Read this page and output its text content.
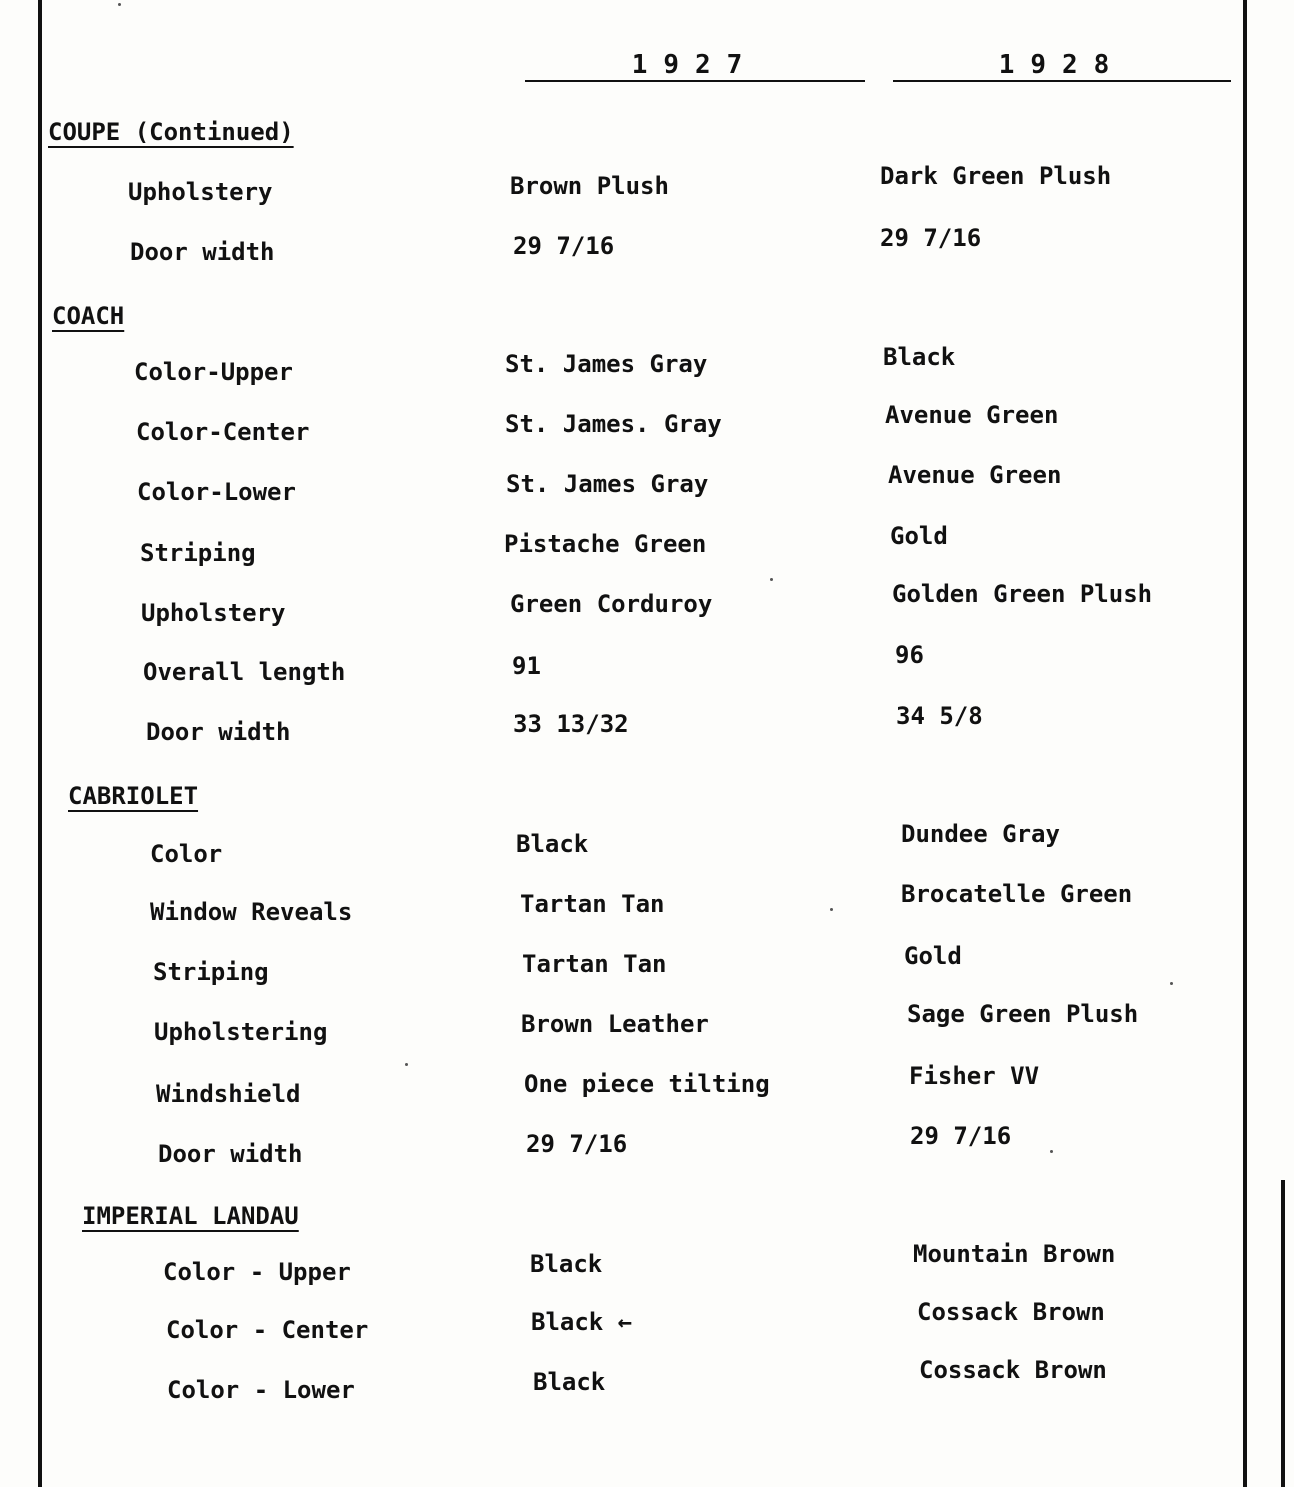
1927	1928
COUPE (Continued)
Upholstery	Brown Plush	Dark Green Plush
Door width	29 7/16	29 7/16
COACH
Color-Upper	St. James Gray	Black
Color-Center	St. James. Gray	Avenue Green
Color-Lower	St. James Gray	Avenue Green
Striping	Pistache Green	Gold
Upholstery	Green Corduroy	Golden Green Plush
Overall length	91	96
Door width	33 13/32	34 5/8
CABRIOLET
Color	Black	Dundee Gray
Window Reveals	Tartan Tan	Brocatelle Green
Striping	Tartan Tan	Gold
Upholstering	Brown Leather	Sage Green Plush
Windshield	One piece tilting	Fisher VV
Door width	29 7/16	29 7/16
IMPERIAL LANDAU
Color - Upper	Black	Mountain Brown
Color - Center	Black ←	Cossack Brown
Color - Lower	Black	Cossack Brown
